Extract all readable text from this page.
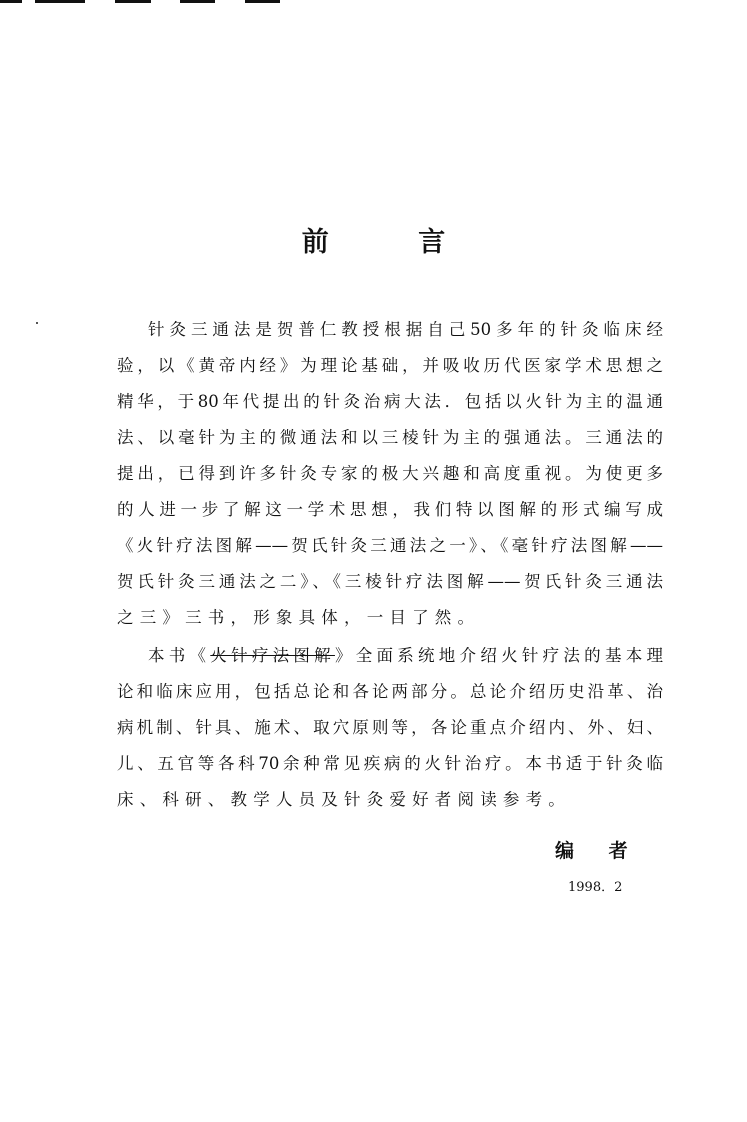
前 言
针灸三通法是贺普仁教授根据自己50多年的针灸临床经
验，以《黄帝内经》为理论基础，并吸收历代医家学术思想之
精华，于80年代提出的针灸治病大法．包括以火针为主的温通
法、以毫针为主的微通法和以三棱针为主的强通法。三通法的
提出，已得到许多针灸专家的极大兴趣和高度重视。为使更多
的人进一步了解这一学术思想，我们特以图解的形式编写成
《火针疗法图解——贺氏针灸三通法之一》、《毫针疗法图解——
贺氏针灸三通法之二》、《三棱针疗法图解——贺氏针灸三通法
之三》三书，形象具体，一目了然。
本书《火针疗法图解》全面系统地介绍火针疗法的基本理
论和临床应用，包括总论和各论两部分。总论介绍历史沿革、治
病机制、针具、施术、取穴原则等，各论重点介绍内、外、妇、
儿、五官等各科70余种常见疾病的火针治疗。本书适于针灸临
床、科研、教学人员及针灸爱好者阅读参考。
编 者
1998．2
